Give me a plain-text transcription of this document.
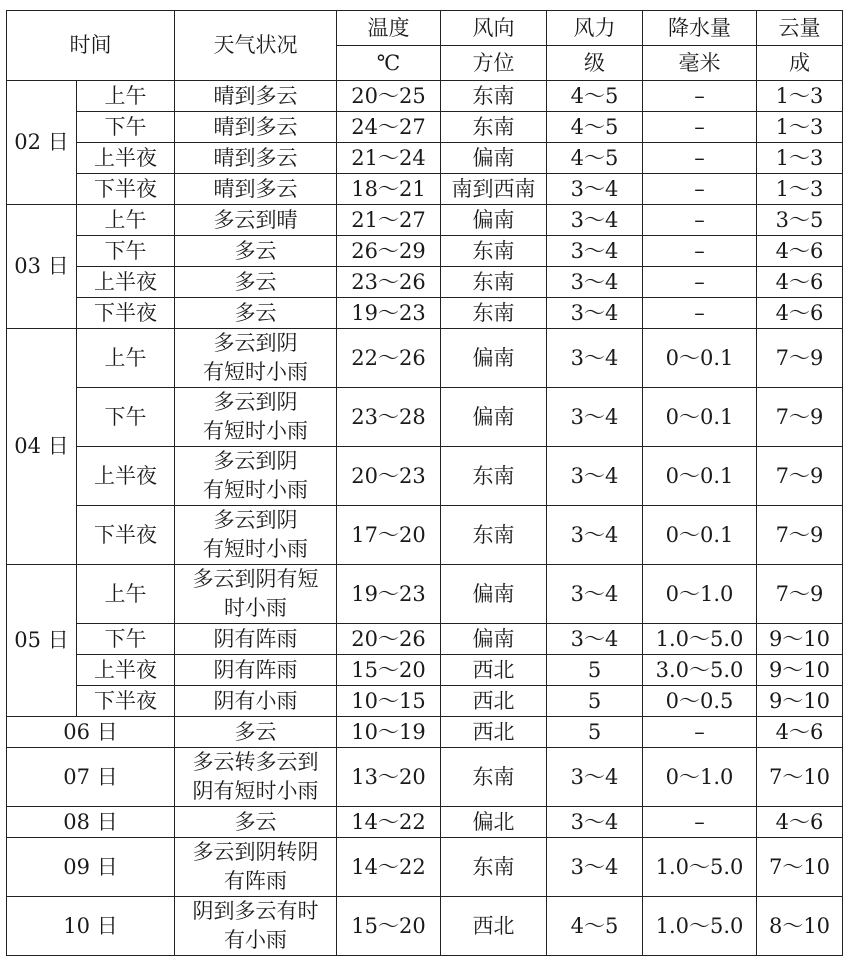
时间		天气状况	温度	风向	风力	降水量	云量
			℃	方位	级	毫米	成
02 日	上午	晴到多云	20～25	东南	4～5	–	1～3
	下午	晴到多云	24～27	东南	4～5	–	1～3
	上半夜	晴到多云	21～24	偏南	4～5	–	1～3
	下半夜	晴到多云	18～21	南到西南	3～4	–	1～3
03 日	上午	多云到晴	21～27	偏南	3～4	–	3～5
	下午	多云	26～29	东南	3～4	–	4～6
	上半夜	多云	23～26	东南	3～4	–	4～6
	下半夜	多云	19～23	东南	3～4	–	4～6
04 日	上午	多云到阴
有短时小雨	22～26	偏南	3～4	0～0.1	7～9
	下午	多云到阴
有短时小雨	23～28	偏南	3～4	0～0.1	7～9
	上半夜	多云到阴
有短时小雨	20～23	东南	3～4	0～0.1	7～9
	下半夜	多云到阴
有短时小雨	17～20	东南	3～4	0～0.1	7～9
05 日	上午	多云到阴有短
时小雨	19～23	偏南	3～4	0～1.0	7～9
	下午	阴有阵雨	20～26	偏南	3～4	1.0～5.0	9～10
	上半夜	阴有阵雨	15～20	西北	5	3.0～5.0	9～10
	下半夜	阴有小雨	10～15	西北	5	0～0.5	9～10
06 日		多云	10～19	西北	5	–	4～6
07 日		多云转多云到
阴有短时小雨	13～20	东南	3～4	0～1.0	7～10
08 日		多云	14～22	偏北	3～4	–	4～6
09 日		多云到阴转阴
有阵雨	14～22	东南	3～4	1.0～5.0	7～10
10 日		阴到多云有时
有小雨	15～20	西北	4～5	1.0～5.0	8～10
